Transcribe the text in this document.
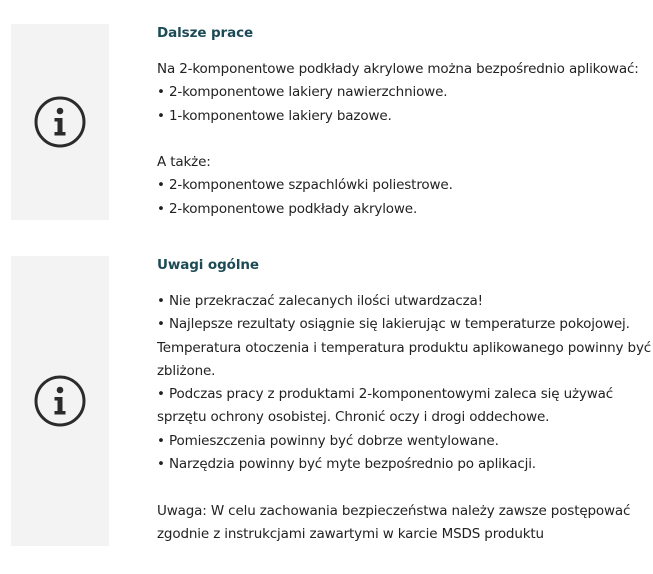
Dalsze prace
Na 2-komponentowe podkłady akrylowe można bezpośrednio aplikować:
• 2-komponentowe lakiery nawierzchniowe.
• 1-komponentowe lakiery bazowe.
A także:
• 2-komponentowe szpachlówki poliestrowe.
• 2-komponentowe podkłady akrylowe.
Uwagi ogólne
• Nie przekraczać zalecanych ilości utwardzacza!
• Najlepsze rezultaty osiągnie się lakierując w temperaturze pokojowej.
Temperatura otoczenia i temperatura produktu aplikowanego powinny być
zbliżone.
• Podczas pracy z produktami 2-komponentowymi zaleca się używać
sprzętu ochrony osobistej. Chronić oczy i drogi oddechowe.
• Pomieszczenia powinny być dobrze wentylowane.
• Narzędzia powinny być myte bezpośrednio po aplikacji.
Uwaga: W celu zachowania bezpieczeństwa należy zawsze postępować
zgodnie z instrukcjami zawartymi w karcie MSDS produktu
